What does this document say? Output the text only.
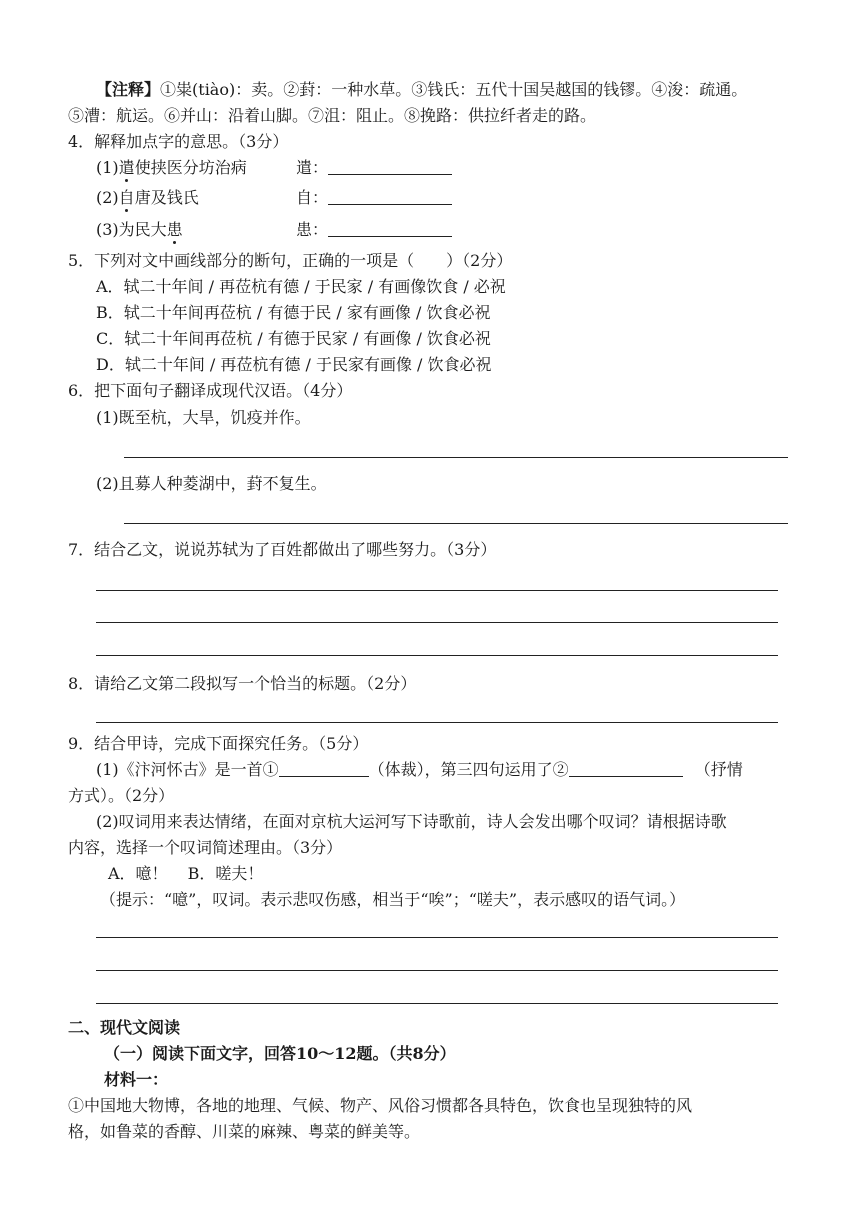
【注释】①粜(tiào)：卖。②葑：一种水草。③钱氏：五代十国吴越国的钱镠。④浚：疏通。
⑤漕：航运。⑥并山：沿着山脚。⑦沮：阻止。⑧挽路：供拉纤者走的路。
4．解释加点字的意思。（3分）
(1)遣使挟医分坊治病	遣：
(2)自唐及钱氏	自：
(3)为民大患	患：
5．下列对文中画线部分的断句，正确的一项是（　　）（2分）
A．轼二十年间 / 再莅杭有德 / 于民家 / 有画像饮食 / 必祝
B．轼二十年间再莅杭 / 有德于民 / 家有画像 / 饮食必祝
C．轼二十年间再莅杭 / 有德于民家 / 有画像 / 饮食必祝
D．轼二十年间 / 再莅杭有德 / 于民家有画像 / 饮食必祝
6．把下面句子翻译成现代汉语。（4分）
(1)既至杭，大旱，饥疫并作。
(2)且募人种菱湖中，葑不复生。
7．结合乙文，说说苏轼为了百姓都做出了哪些努力。（3分）
8．请给乙文第二段拟写一个恰当的标题。（2分）
9．结合甲诗，完成下面探究任务。（5分）
(1)《汴河怀古》是一首①	（体裁），第三四句运用了②	（抒情
方式）。（2分）
(2)叹词用来表达情绪，在面对京杭大运河写下诗歌前，诗人会发出哪个叹词？请根据诗歌
内容，选择一个叹词简述理由。（3分）
A．噫！ B．嗟夫！
（提示：“噫”，叹词。表示悲叹伤感，相当于“唉”；“嗟夫”，表示感叹的语气词。）
二、现代文阅读
（一）阅读下面文字，回答10～12题。（共8分）
材料一：
①中国地大物博，各地的地理、气候、物产、风俗习惯都各具特色，饮食也呈现独特的风
格，如鲁菜的香醇、川菜的麻辣、粤菜的鲜美等。
